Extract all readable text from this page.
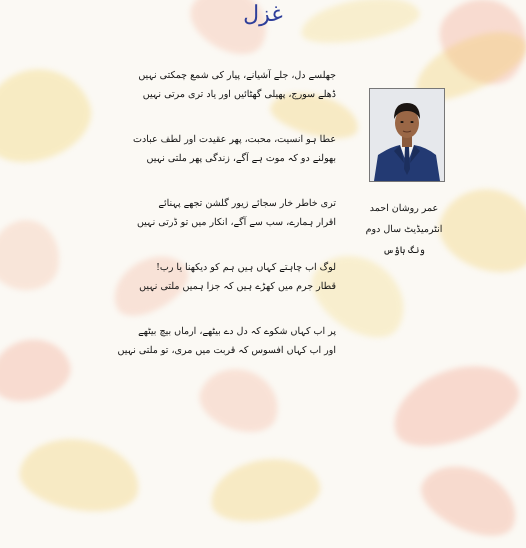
غزل
جھلسے دل، جلے آشیانے، پیار کی شمع چمکتی نہیں
ڈھلے سورج، پھیلی گھٹائیں اور یاد تری مرتی نہیں
عطا ہو انسیت، محبت، پھر عقیدت اور لطف عبادت
بھولنے دو کہ موت ہے آگے، زندگی پھر ملتی نہیں
تری خاطر خار سجائے زیور گلشن تجھے پہنائے
اقرار ہمارے، سب سے آگے، انکار میں تو ڈرتی نہیں
لوگ اب چاہتے کہاں ہیں ہم کو دیکھنا یا رب!
قطار جرم میں کھڑے ہیں کہ جزا ہمیں ملتی نہیں
پر اب کہاں شکوے کہ دل دے بیٹھے، ارماں بیچ بیٹھے
اور اب کہاں افسوس کہ قربت میں مری، تو ملتی نہیں
عمر روشان احمد
انٹرمیڈیٹ سال دوم
ونگ ہاؤس
